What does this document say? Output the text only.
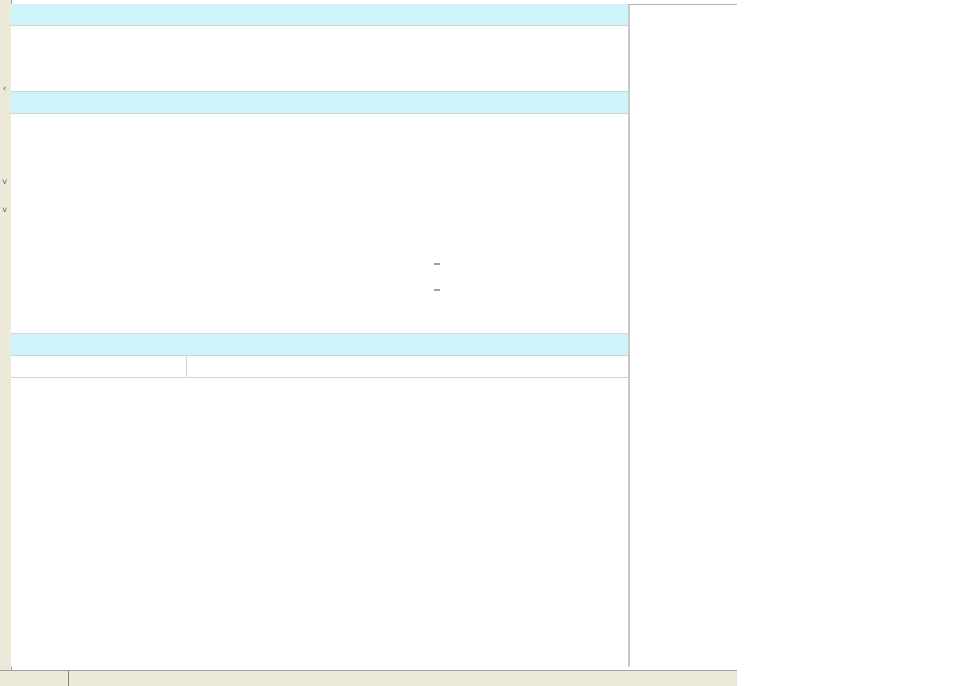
‹
˅
˅
